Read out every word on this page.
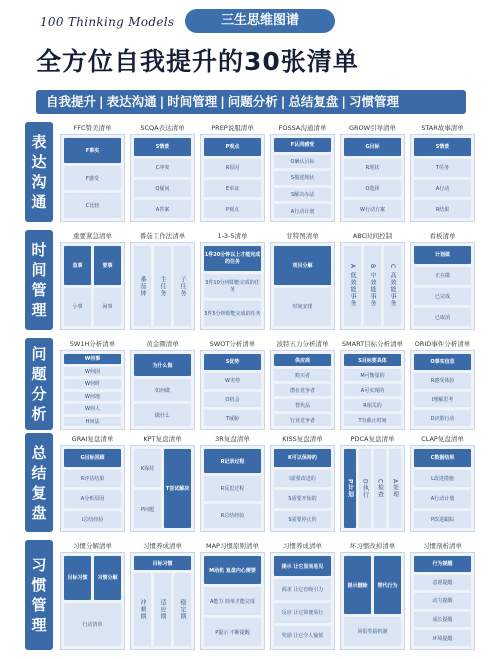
100 Thinking Models	三生思维图谱
全方位自我提升的30张清单
自我提升 | 表达沟通 | 时间管理 | 问题分析 | 总结复盘 | 习惯管理
表
达
沟
通
FFC赞美清单
F事实
F感受
C比较
SCQA表达清单
S情景
C冲突
Q疑问
A答案
PREP说服清单
P观点
R原因
E举证
P观点
FOSSA沟通清单
F认同感受
O确认目标
S描述现状
S解决办法
A行动计划
GROW引导清单
G目标
R现状
O选择
W行动方案
STAR故事清单
S情景
T任务
A行动
R结果
时
间
管
理
重要紧急清单
急事	要事
小事	闲事
番茄工作法清单
番茄钟	主任务	子任务
1-3-5清单
1件20分钟以上才能完成的任务
3件10分钟即能完成的任务
5件5分钟即能完成的任务
甘特图清单
项目分解
时间安排
ABC时间控制
A 低效能事务	B 中效能事务	C 高效能事务
看板清单
计划做
正在做
已完成
已取消
问
题
分
析
5W1H分析清单
W何事
W何因
W何时
W何地
W何人
H何法
黄金圈清单
为什么做
如何做
做什么
SWOT分析清单
S优势
W劣势
O机会
T威胁
波特五力分析清单
供应商
购买者
潜在竞争者
替代品
行业竞争者
SMART目标分析清单
S目标要具体
M可衡量的
A可实现的
R相关的
T有截止时间
ORID事件分析清单
O事实信息
R感受体验
I理解思考
D决策行动
总
结
复
盘
GRAI复盘清单
G目标回顾
R评估结果
A分析原因
I总结经验
KPT复盘清单
K保持
P问题
T尝试解决
3R复盘清单
R记录过程
R反思过程
R总结经验
KISS复盘清单
K可以保持的
I需要改进的
S需要开始的
S需要停止的
PDCA复盘清单
P计划	D执行	C检查	A处理
CLAP复盘清单
C数据结果
L改进措施
A行动计划
P改进跟踪
习
惯
管
理
习惯分解清单
目标习惯	习惯分解
行动清单
习惯养成清单
目标习惯
冲刺期	适应期	稳定期
MAP习惯原则清单
M动机 复盘内心需要
A能力 简单才能完成
P提示 不断提醒
习惯养成清单
提示 让它显而易见
渴求 让它有吸引力
反应 让它简便易行
奖励 让它令人愉悦
坏习惯改掉清单
提示删除	替代行为
回报奖励机制
习惯剖析清单
行为提醒
意愿提醒
动力提醒
成长提醒
环境提醒
